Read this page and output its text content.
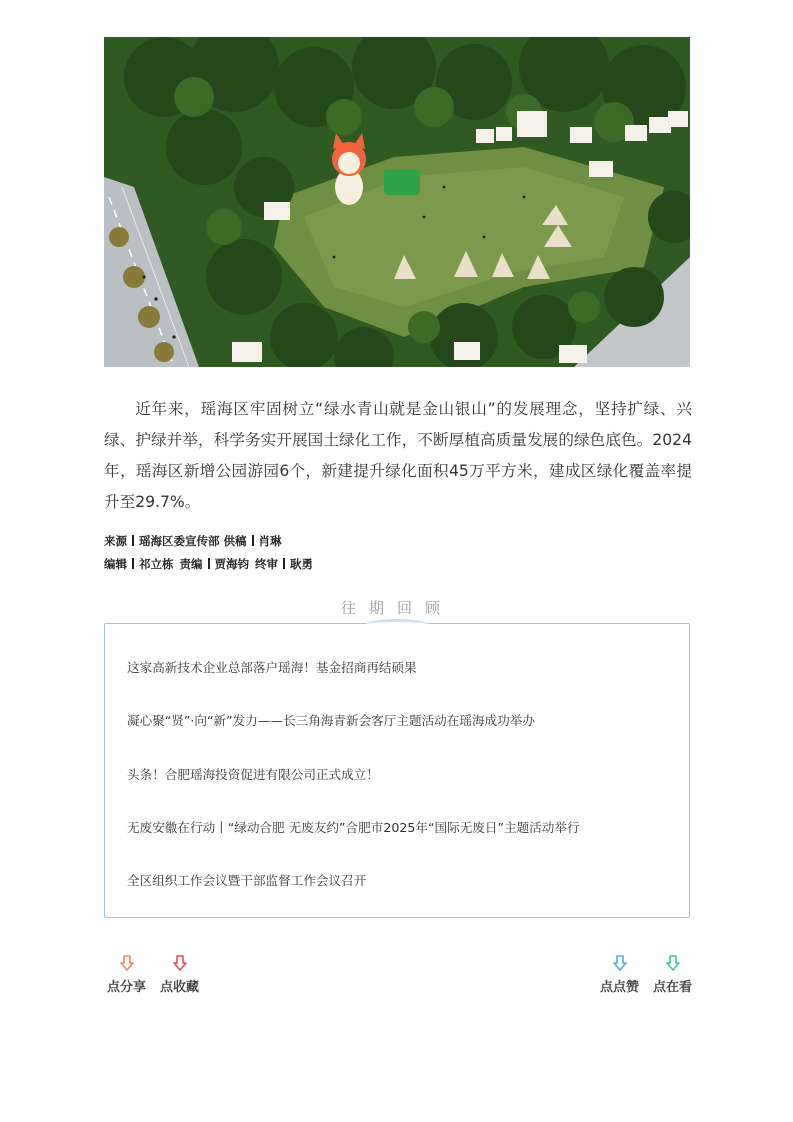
近年来，瑶海区牢固树立“绿水青山就是金山银山”的发展理念，坚持扩绿、兴绿、护绿并举，科学务实开展国土绿化工作，不断厚植高质量发展的绿色底色。2024年，瑶海区新增公园游园6个，新建提升绿化面积45万平方米，建成区绿化覆盖率提升至29.7%。

来源 瑶海区委宣传部 供稿 肖琳
编辑 祁立栋 责编 贾海钧 终审 耿勇
往期回顾
这家高新技术企业总部落户瑶海！基金招商再结硕果
凝心聚“贤”·向“新”发力——长三角海青新会客厅主题活动在瑶海成功举办
头条！合肥瑶海投资促进有限公司正式成立！
无废安徽在行动丨“绿动合肥 无废友约”合肥市2025年“国际无废日”主题活动举行
全区组织工作会议暨干部监督工作会议召开
点分享 点收藏	点点赞 点在看
